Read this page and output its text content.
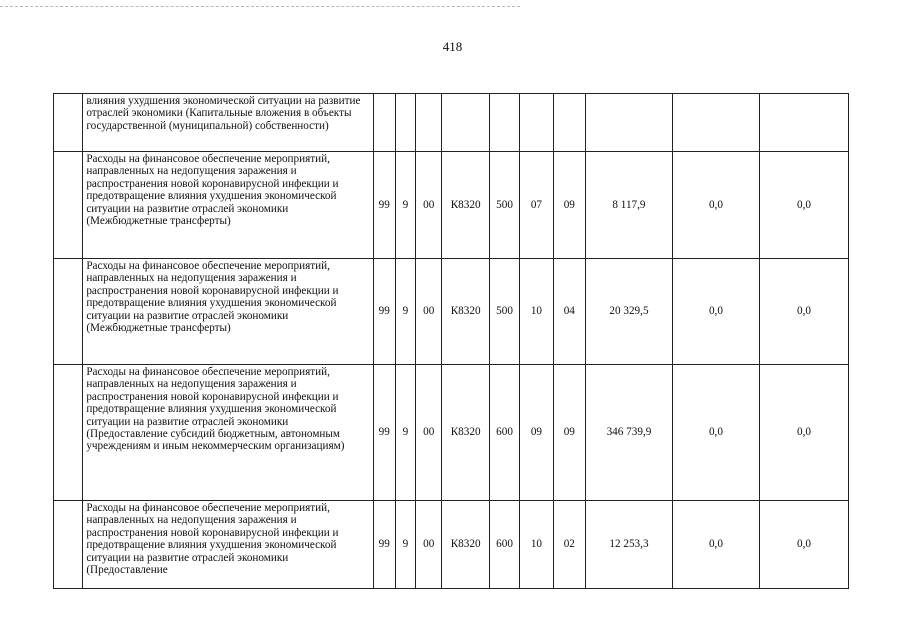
418
	влияния ухудшения экономической ситуации на развитие отраслей экономики (Капитальные вложения в объекты государственной (муниципальной) собственности)										
	Расходы на финансовое обеспечение мероприятий, направленных на недопущения заражения и распространения новой коронавирусной инфекции и предотвращение влияния ухудшения экономической ситуации на развитие отраслей экономики (Межбюджетные трансферты)	99	9	00	К8320	500	07	09	8 117,9	0,0	0,0
	Расходы на финансовое обеспечение мероприятий, направленных на недопущения заражения и распространения новой коронавирусной инфекции и предотвращение влияния ухудшения экономической ситуации на развитие отраслей экономики (Межбюджетные трансферты)	99	9	00	К8320	500	10	04	20 329,5	0,0	0,0
	Расходы на финансовое обеспечение мероприятий, направленных на недопущения заражения и распространения новой коронавирусной инфекции и предотвращение влияния ухудшения экономической ситуации на развитие отраслей экономики (Предоставление субсидий бюджетным, автономным учреждениям и иным некоммерческим организациям)	99	9	00	К8320	600	09	09	346 739,9	0,0	0,0
	Расходы на финансовое обеспечение мероприятий, направленных на недопущения заражения и распространения новой коронавирусной инфекции и предотвращение влияния ухудшения экономической ситуации на развитие отраслей экономики (Предоставление	99	9	00	К8320	600	10	02	12 253,3	0,0	0,0
